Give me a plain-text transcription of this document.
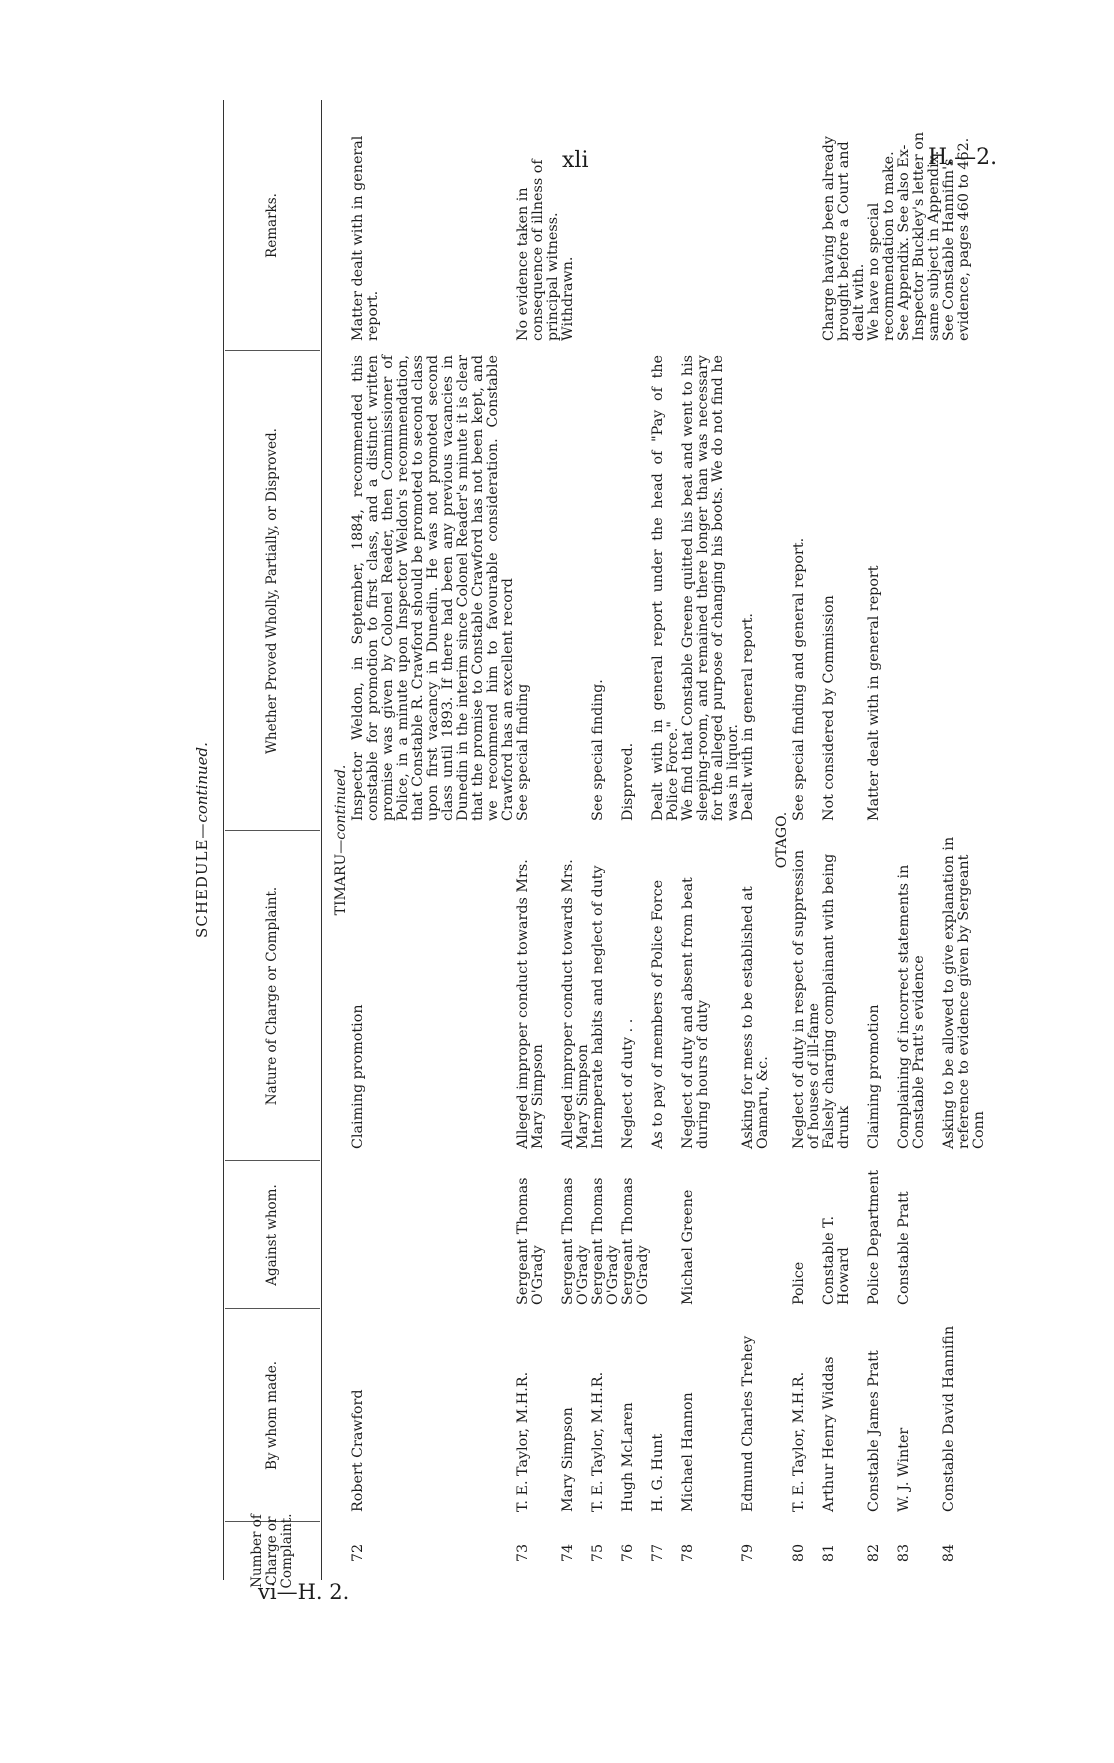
xli	H.—2.
vi—H. 2.
SCHEDULE—continued.
Number of Charge or Complaint.
By whom made.
Against whom.
Nature of Charge or Complaint.
Whether Proved Wholly, Partially, or Disproved.
Remarks.
TIMARU—continued.
72
Robert Crawford
Claiming promotion
Inspector Weldon, in September, 1884, recommended this constable for promotion to first class, and a distinct written promise was given by Colonel Reader, then Commissioner of Police, in a minute upon Inspector Weldon's recommendation, that Constable R. Crawford should be promoted to second class upon first vacancy in Dunedin. He was not promoted second class until 1893. If there had been any previous vacancies in Dunedin in the interim since Colonel Reader's minute it is clear that the promise to Constable Crawford has not been kept, and we recommend him to favourable consideration. Constable Crawford has an excellent record
Matter dealt with in general report.
73
T. E. Taylor, M.H.R.
Sergeant Thomas O'Grady
Alleged improper conduct towards Mrs. Mary Simpson
See special finding
No evidence taken in consequence of illness of principal witness.
74
Mary Simpson
Sergeant Thomas O'Grady
Alleged improper conduct towards Mrs. Mary Simpson
Withdrawn.
75
T. E. Taylor, M.H.R.
Sergeant Thomas O'Grady
Intemperate habits and neglect of duty
See special finding.
76
Hugh McLaren
Sergeant Thomas O'Grady
Neglect of duty . .
Disproved.
77
H. G. Hunt
As to pay of members of Police Force
Dealt with in general report under the head of "Pay of the Police Force."
78
Michael Hannon
Michael Greene
Neglect of duty and absent from beat during hours of duty
We find that Constable Greene quitted his beat and went to his sleeping-room, and remained there longer than was necessary for the alleged purpose of changing his boots. We do not find he was in liquor.
79
Edmund Charles Trehey
Asking for mess to be established at Oamaru, &c.
Dealt with in general report.
OTAGO.
80
T. E. Taylor, M.H.R.
Police
Neglect of duty in respect of suppression of houses of ill-fame
See special finding and general report.
81
Arthur Henry Widdas
Constable T. Howard
Falsely charging complainant with being drunk
Not considered by Commission
Charge having been already brought before a Court and dealt with.
82
Constable James Pratt
Police Department
Claiming promotion
Matter dealt with in general report
We have no special recommendation to make.
83
W. J. Winter
Constable Pratt
Complaining of incorrect statements in Constable Pratt's evidence
See Appendix. See also Ex-Inspector Buckley's letter on same subject in Appendix.
84
Constable David Hannifin
Asking to be allowed to give explanation in reference to evidence given by Sergeant Conn
See Constable Hannifin's evidence, pages 460 to 462.
